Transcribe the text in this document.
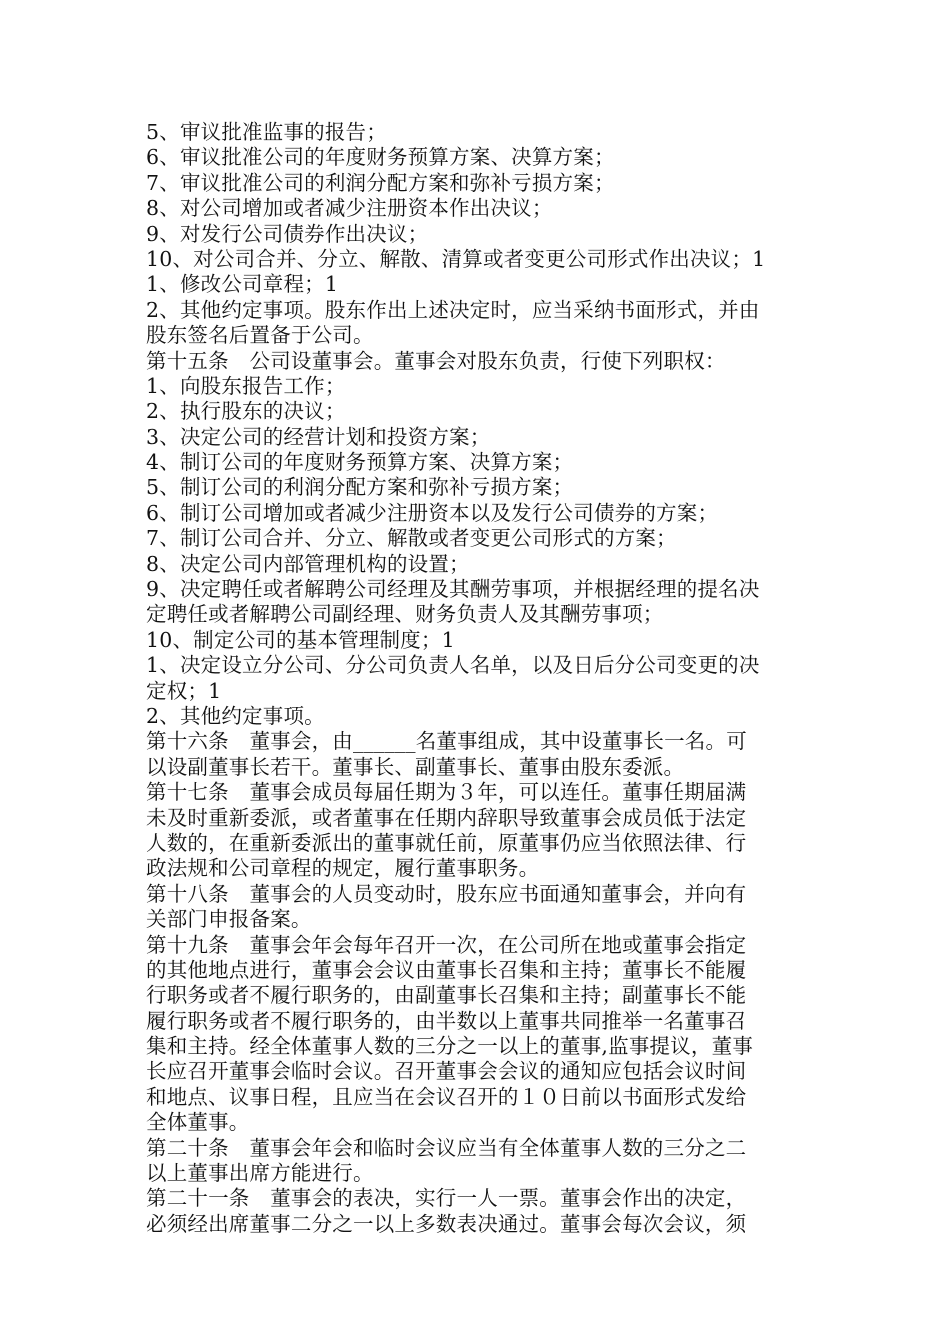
5、审议批准监事的报告；
6、审议批准公司的年度财务预算方案、决算方案；
7、审议批准公司的利润分配方案和弥补亏损方案；
8、对公司增加或者减少注册资本作出决议；
9、对发行公司债券作出决议；
10、对公司合并、分立、解散、清算或者变更公司形式作出决议；1
1、修改公司章程；1
2、其他约定事项。股东作出上述决定时，应当采纳书面形式，并由
股东签名后置备于公司。
第十五条　公司设董事会。董事会对股东负责，行使下列职权：
1、向股东报告工作；
2、执行股东的决议；
3、决定公司的经营计划和投资方案；
4、制订公司的年度财务预算方案、决算方案；
5、制订公司的利润分配方案和弥补亏损方案；
6、制订公司增加或者减少注册资本以及发行公司债券的方案；
7、制订公司合并、分立、解散或者变更公司形式的方案；
8、决定公司内部管理机构的设置；
9、决定聘任或者解聘公司经理及其酬劳事项，并根据经理的提名决
定聘任或者解聘公司副经理、财务负责人及其酬劳事项；
10、制定公司的基本管理制度；1
1、决定设立分公司、分公司负责人名单，以及日后分公司变更的决
定权；1
2、其他约定事项。
第十六条　董事会，由______名董事组成，其中设董事长一名。可
以设副董事长若干。董事长、副董事长、董事由股东委派。
第十七条　董事会成员每届任期为３年，可以连任。董事任期届满
未及时重新委派，或者董事在任期内辞职导致董事会成员低于法定
人数的，在重新委派出的董事就任前，原董事仍应当依照法律、行
政法规和公司章程的规定，履行董事职务。
第十八条　董事会的人员变动时，股东应书面通知董事会，并向有
关部门申报备案。
第十九条　董事会年会每年召开一次，在公司所在地或董事会指定
的其他地点进行，董事会会议由董事长召集和主持；董事长不能履
行职务或者不履行职务的，由副董事长召集和主持；副董事长不能
履行职务或者不履行职务的，由半数以上董事共同推举一名董事召
集和主持。经全体董事人数的三分之一以上的董事,监事提议，董事
长应召开董事会临时会议。召开董事会会议的通知应包括会议时间
和地点、议事日程，且应当在会议召开的１０日前以书面形式发给
全体董事。
第二十条　董事会年会和临时会议应当有全体董事人数的三分之二
以上董事出席方能进行。
第二十一条　董事会的表决，实行一人一票。董事会作出的决定，
必须经出席董事二分之一以上多数表决通过。董事会每次会议，须
